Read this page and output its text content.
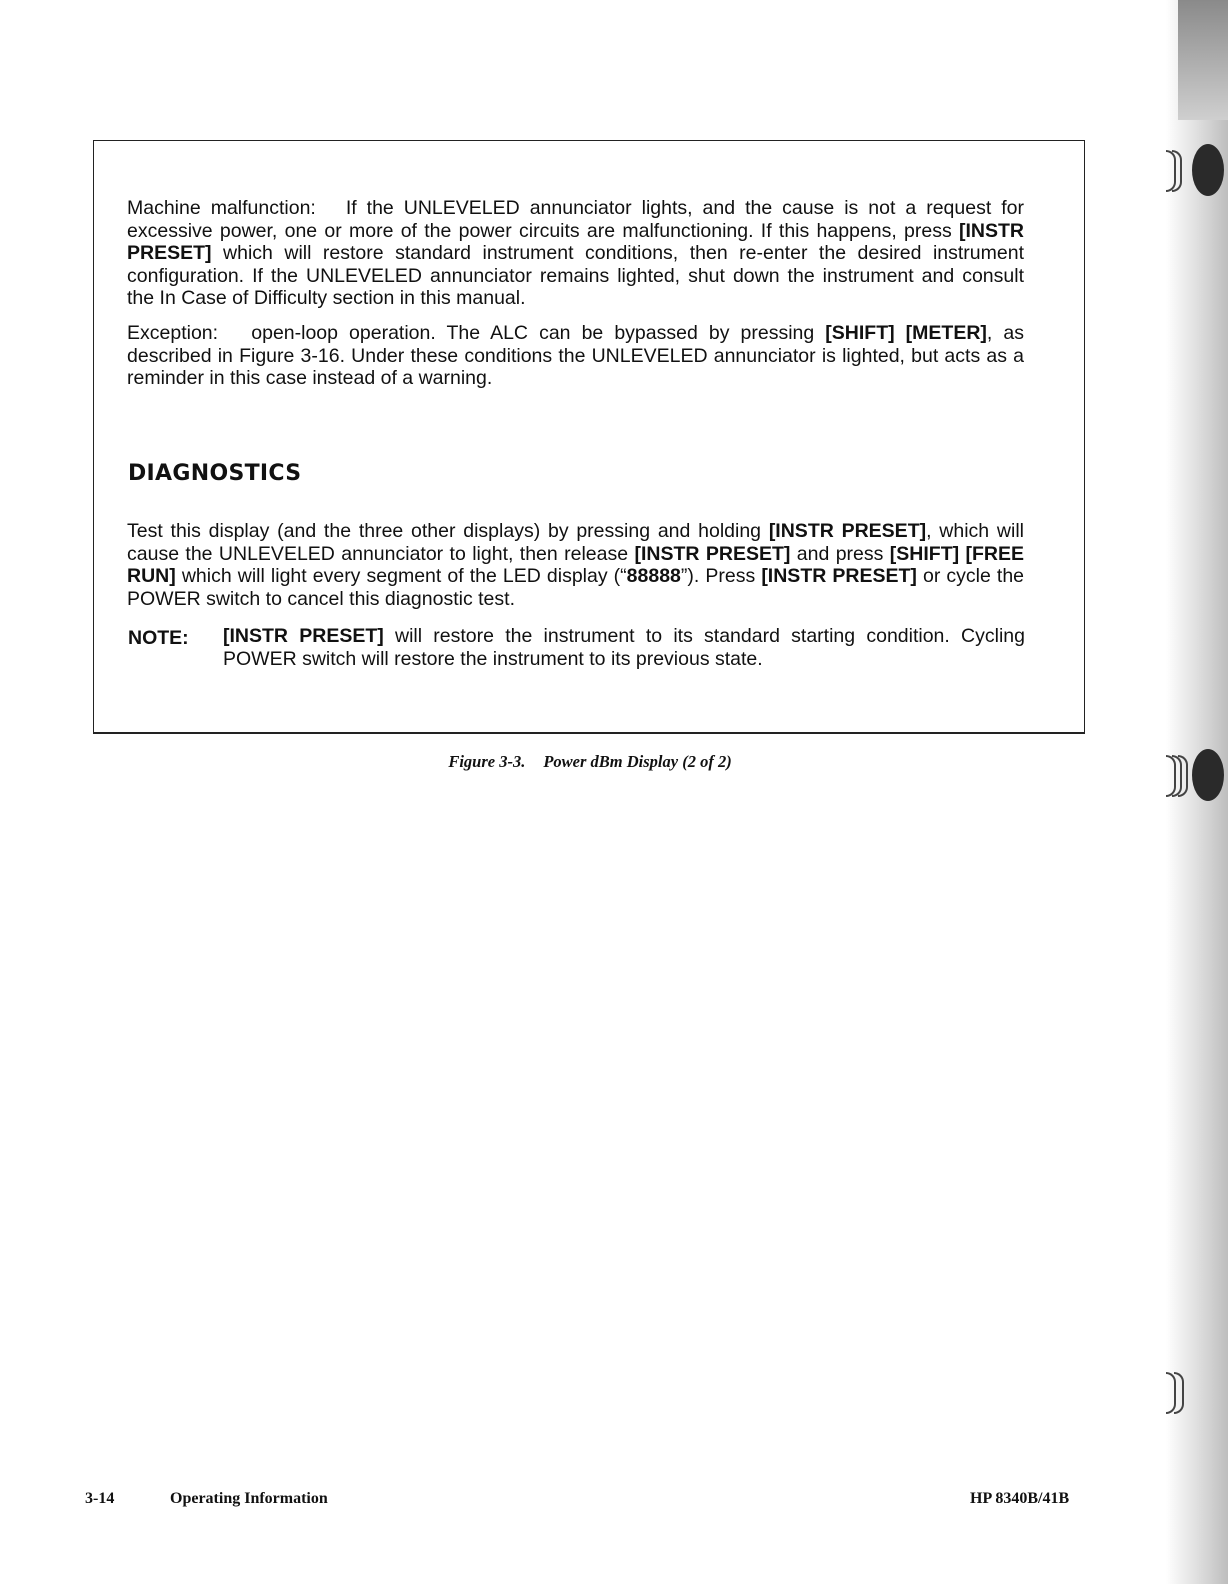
Machine malfunction: If the UNLEVELED annunciator lights, and the cause is not a request for excessive power, one or more of the power circuits are malfunctioning. If this happens, press [INSTR PRESET] which will restore standard instrument conditions, then re-enter the desired instrument configuration. If the UNLEVELED annunciator remains lighted, shut down the instrument and consult the In Case of Difficulty section in this manual.

Exception: open-loop operation. The ALC can be bypassed by pressing [SHIFT] [METER], as described in Figure 3-16. Under these conditions the UNLEVELED annunciator is lighted, but acts as a reminder in this case instead of a warning.

DIAGNOSTICS

Test this display (and the three other displays) by pressing and holding [INSTR PRESET], which will cause the UNLEVELED annunciator to light, then release [INSTR PRESET] and press [SHIFT] [FREE RUN] which will light every segment of the LED display (“88888”). Press [INSTR PRESET] or cycle the POWER switch to cancel this diagnostic test.

NOTE: [INSTR PRESET] will restore the instrument to its standard starting condition. Cycling POWER switch will restore the instrument to its previous state.

Figure 3-3. Power dBm Display (2 of 2)
3-14	Operating Information	HP 8340B/41B
